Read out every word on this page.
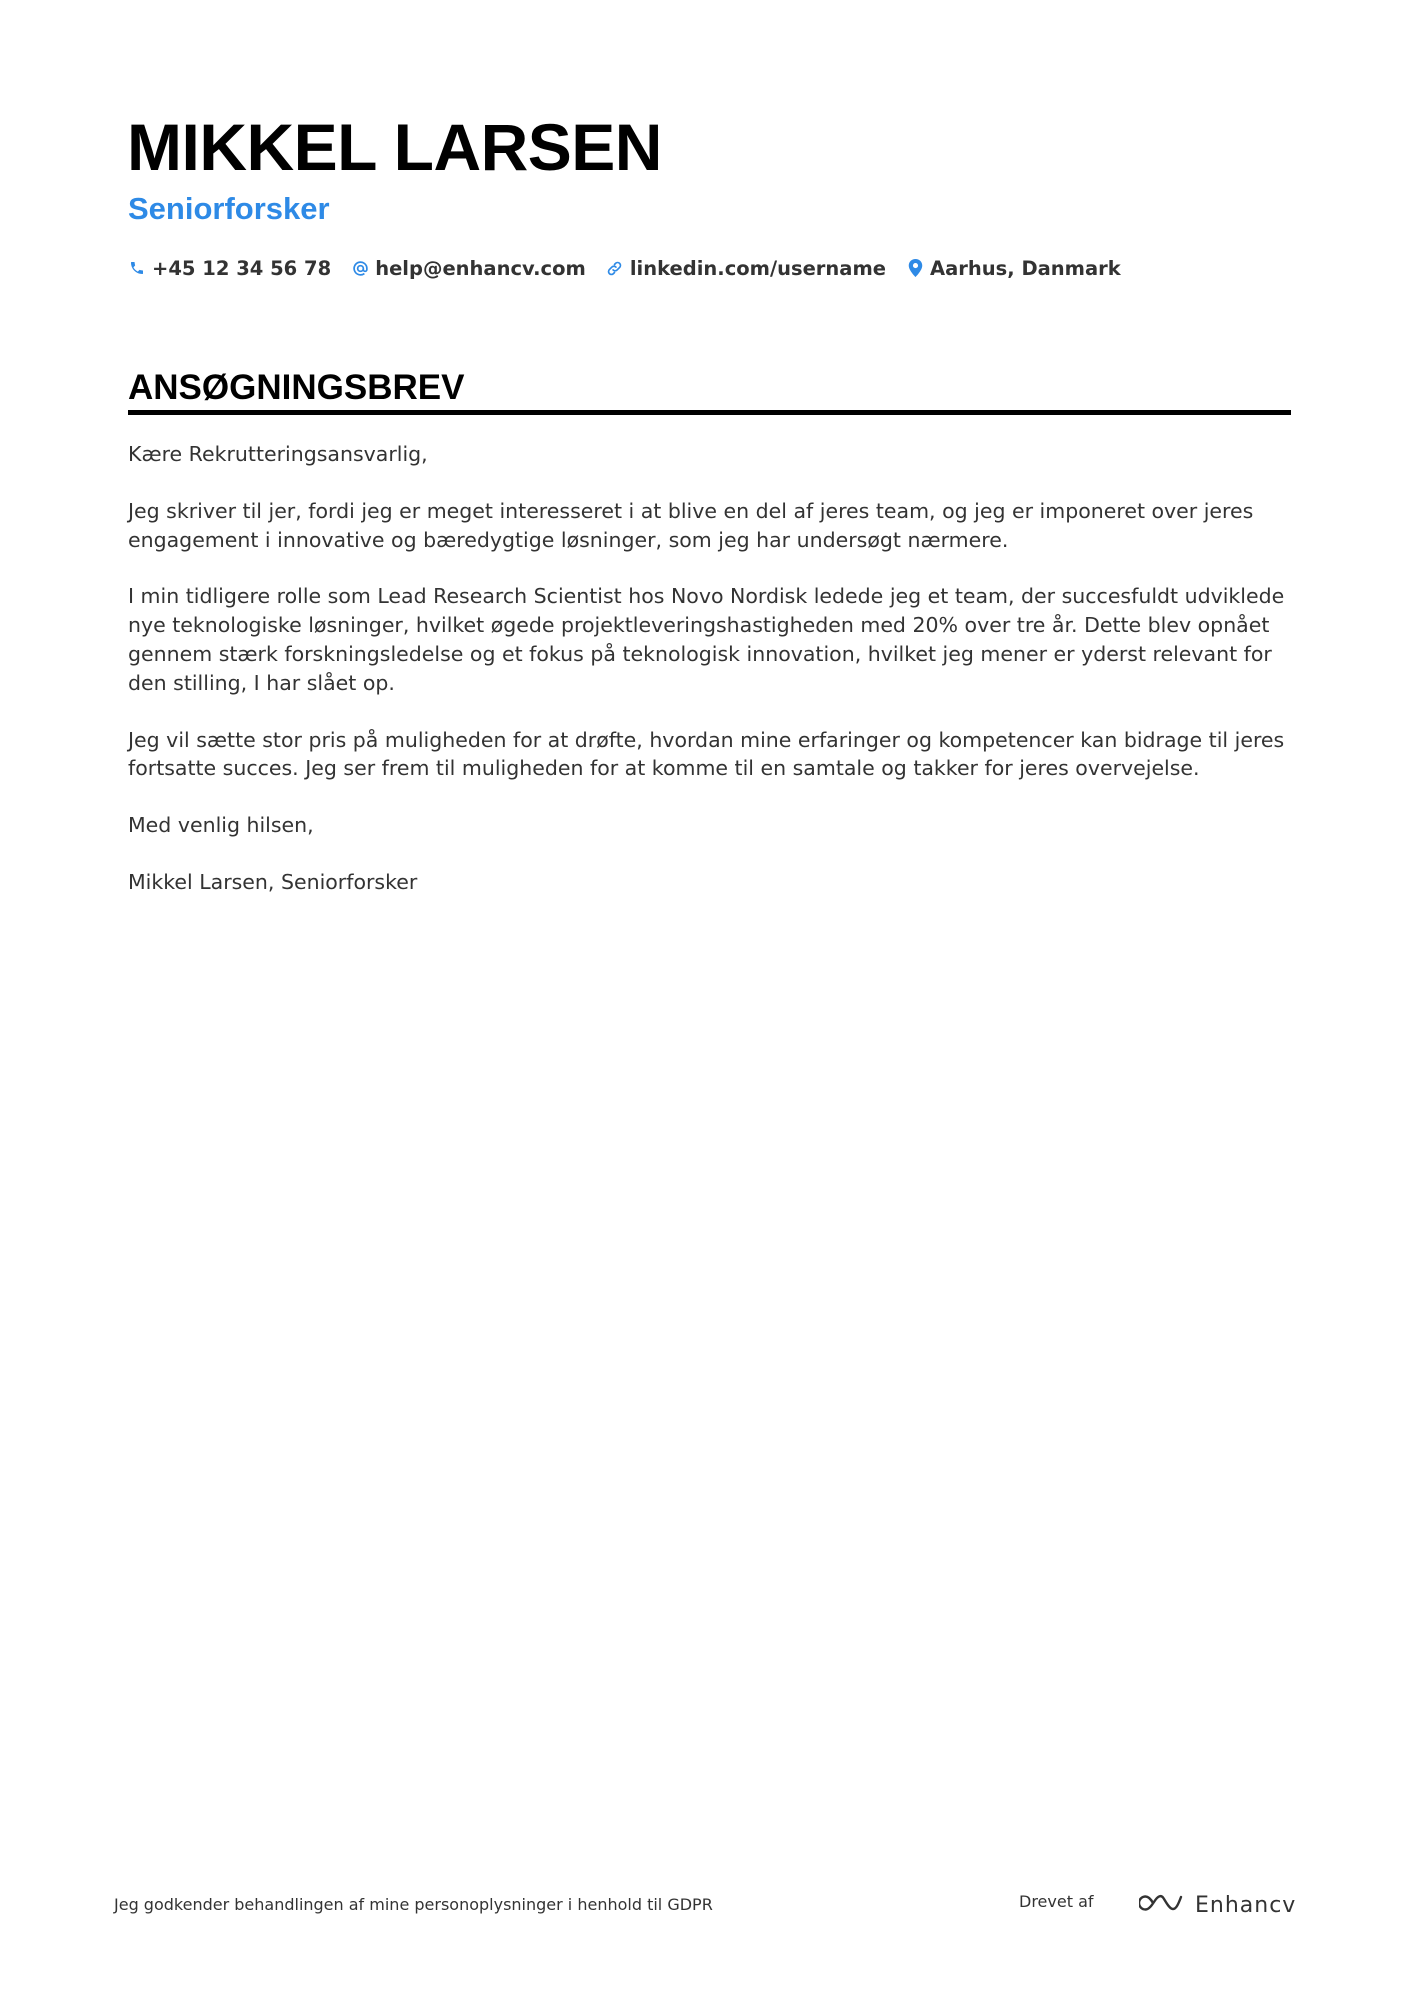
MIKKEL LARSEN
Seniorforsker
+45 12 34 56 78 help@enhancv.com linkedin.com/username Aarhus, Danmark
ANSØGNINGSBREV

Kære Rekrutteringsansvarlig,

Jeg skriver til jer, fordi jeg er meget interesseret i at blive en del af jeres team, og jeg er imponeret over jeres engagement i innovative og bæredygtige løsninger, som jeg har undersøgt nærmere.

I min tidligere rolle som Lead Research Scientist hos Novo Nordisk ledede jeg et team, der succesfuldt udviklede nye teknologiske løsninger, hvilket øgede projektleveringshastigheden med 20% over tre år. Dette blev opnået gennem stærk forskningsledelse og et fokus på teknologisk innovation, hvilket jeg mener er yderst relevant for den stilling, I har slået op.

Jeg vil sætte stor pris på muligheden for at drøfte, hvordan mine erfaringer og kompetencer kan bidrage til jeres fortsatte succes. Jeg ser frem til muligheden for at komme til en samtale og takker for jeres overvejelse.

Med venlig hilsen,

Mikkel Larsen, Seniorforsker

Jeg godkender behandlingen af mine personoplysninger i henhold til GDPR	Drevet af	Enhancv
